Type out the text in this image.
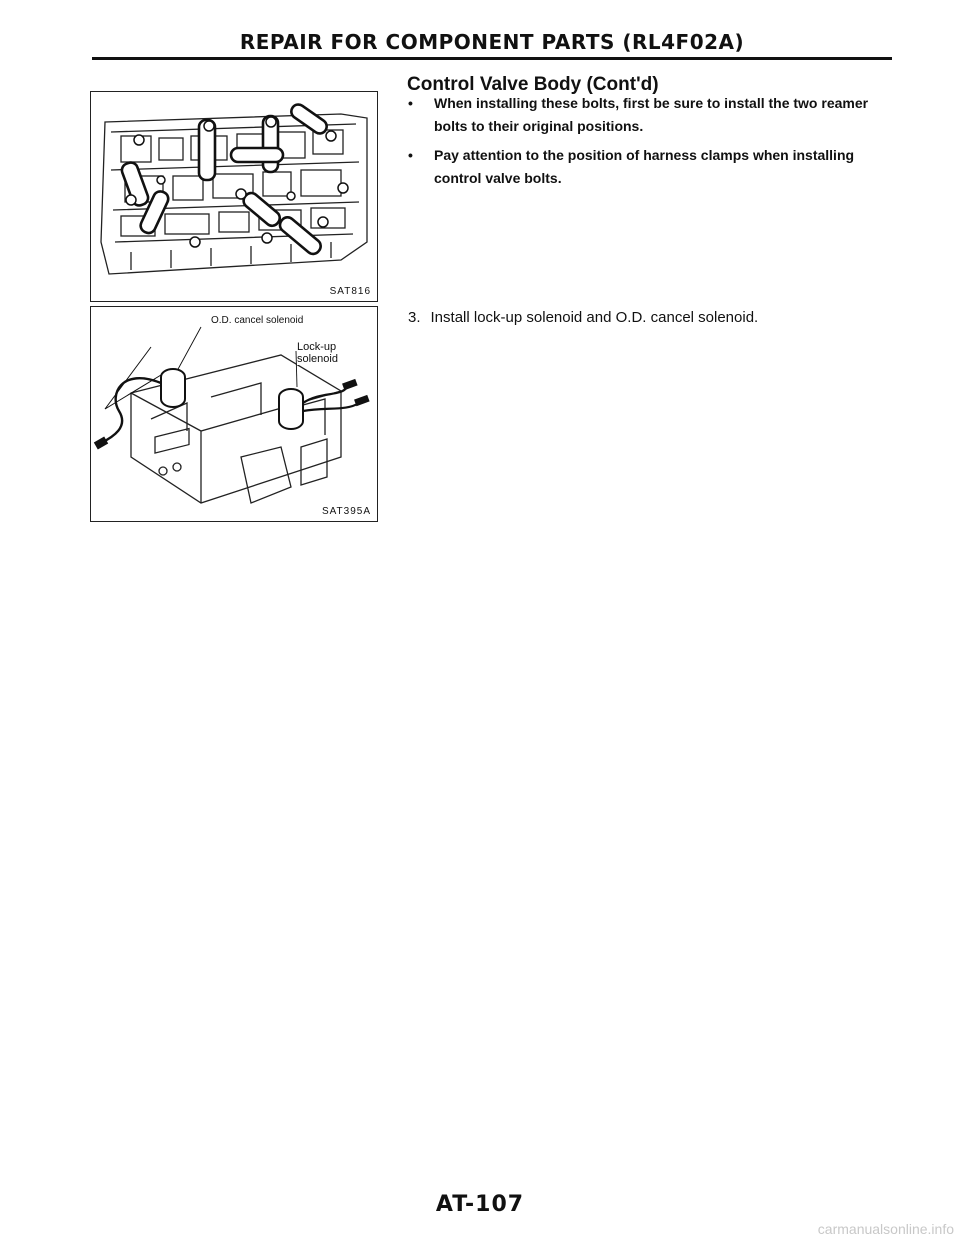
REPAIR FOR COMPONENT PARTS (RL4F02A)
SAT816
O.D. cancel solenoid
Lock-up
solenoid
SAT395A
Control Valve Body (Cont'd)
• When installing these bolts, first be sure to install the two reamer bolts to their original positions.
• Pay attention to the position of harness clamps when installing control valve bolts.
3. Install lock-up solenoid and O.D. cancel solenoid.
AT-107
carmanualsonline.info
